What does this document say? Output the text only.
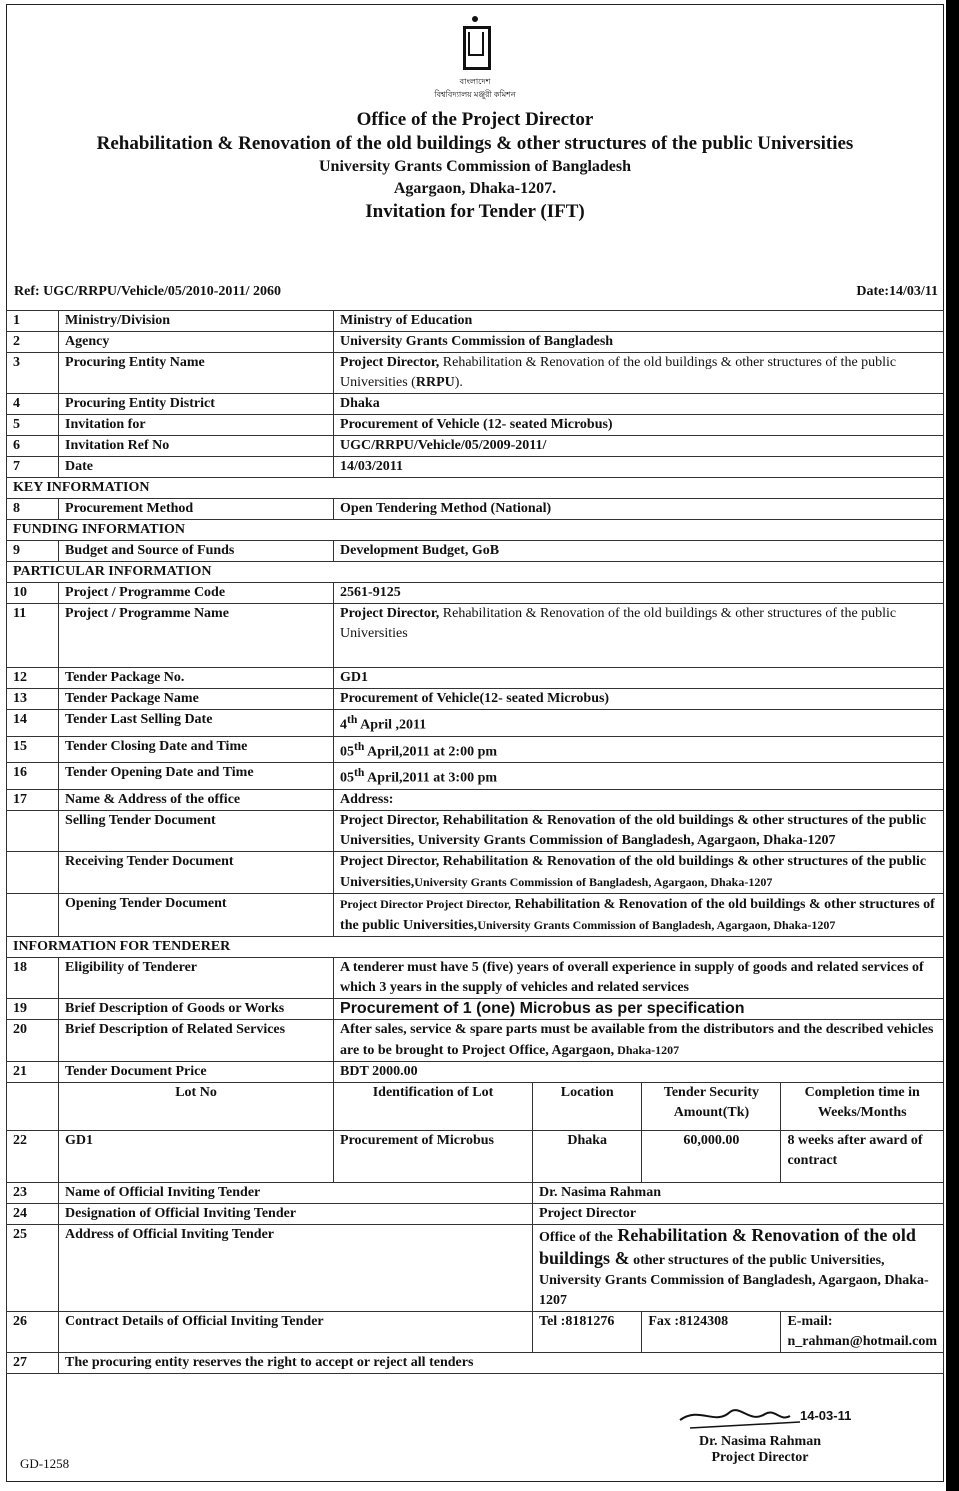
বাংলাদেশ
বিশ্ববিদ্যালয় মঞ্জুরী কমিশন
Office of the Project Director
Rehabilitation & Renovation of the old buildings & other structures of the public Universities
University Grants Commission of Bangladesh
Agargaon, Dhaka-1207.
Invitation for Tender (IFT)
Ref: UGC/RRPU/Vehicle/05/2010-2011/ 2060	Date:14/03/11
1	Ministry/Division	Ministry of Education			
2	Agency	University Grants Commission of Bangladesh			
3	Procuring Entity Name	Project Director, Rehabilitation & Renovation of the old buildings & other structures of the public Universities (RRPU).			
4	Procuring Entity District	Dhaka			
5	Invitation for	Procurement of Vehicle (12- seated Microbus)			
6	Invitation Ref No	UGC/RRPU/Vehicle/05/2009-2011/			
7	Date	14/03/2011			
KEY INFORMATION					
8	Procurement Method	Open Tendering Method (National)			
FUNDING INFORMATION					
9	Budget and Source of Funds	Development Budget, GoB			
PARTICULAR INFORMATION					
10	Project / Programme Code	2561-9125			
11	Project / Programme Name	Project Director, Rehabilitation & Renovation of the old buildings & other structures of the public Universities			
12	Tender Package No.	GD1			
13	Tender Package Name	Procurement of Vehicle(12- seated Microbus)			
14	Tender Last Selling Date	4th April ,2011			
15	Tender Closing Date and Time	05th April,2011 at 2:00 pm			
16	Tender Opening Date and Time	05th April,2011 at 3:00 pm			
17	Name & Address of the office	Address:			
	Selling Tender Document	Project Director, Rehabilitation & Renovation of the old buildings & other structures of the public Universities, University Grants Commission of Bangladesh, Agargaon, Dhaka-1207			
	Receiving Tender Document	Project Director, Rehabilitation & Renovation of the old buildings & other structures of the public Universities,University Grants Commission of Bangladesh, Agargaon, Dhaka-1207			
	Opening Tender Document	Project Director Project Director, Rehabilitation & Renovation of the old buildings & other structures of the public Universities,University Grants Commission of Bangladesh, Agargaon, Dhaka-1207			
INFORMATION FOR TENDERER					
18	Eligibility of Tenderer	A tenderer must have 5 (five) years of overall experience in supply of goods and related services of which 3 years in the supply of vehicles and related services			
19	Brief Description of Goods or Works	Procurement of 1 (one) Microbus as per specification			
20	Brief Description of Related Services	After sales, service & spare parts must be available from the distributors and the described vehicles are to be brought to Project Office, Agargaon, Dhaka-1207			
21	Tender Document Price	BDT 2000.00			
	Lot No	Identification of Lot	Location	Tender Security Amount(Tk)	Completion time in Weeks/Months
22	GD1	Procurement of Microbus	Dhaka	60,000.00	8 weeks after award of contract
23	Name of Official Inviting Tender		Dr. Nasima Rahman		
24	Designation of Official Inviting Tender		Project Director		
25	Address of Official Inviting Tender		Office of the Rehabilitation & Renovation of the old buildings & other structures of the public Universities, University Grants Commission of Bangladesh, Agargaon, Dhaka-1207		
26	Contract Details of Official Inviting Tender		Tel :8181276	Fax :8124308	E-mail: n_rahman@hotmail.com
27	The procuring entity reserves the right to accept or reject all tenders				
14-03-11
Dr. Nasima Rahman
Project Director
GD-1258
